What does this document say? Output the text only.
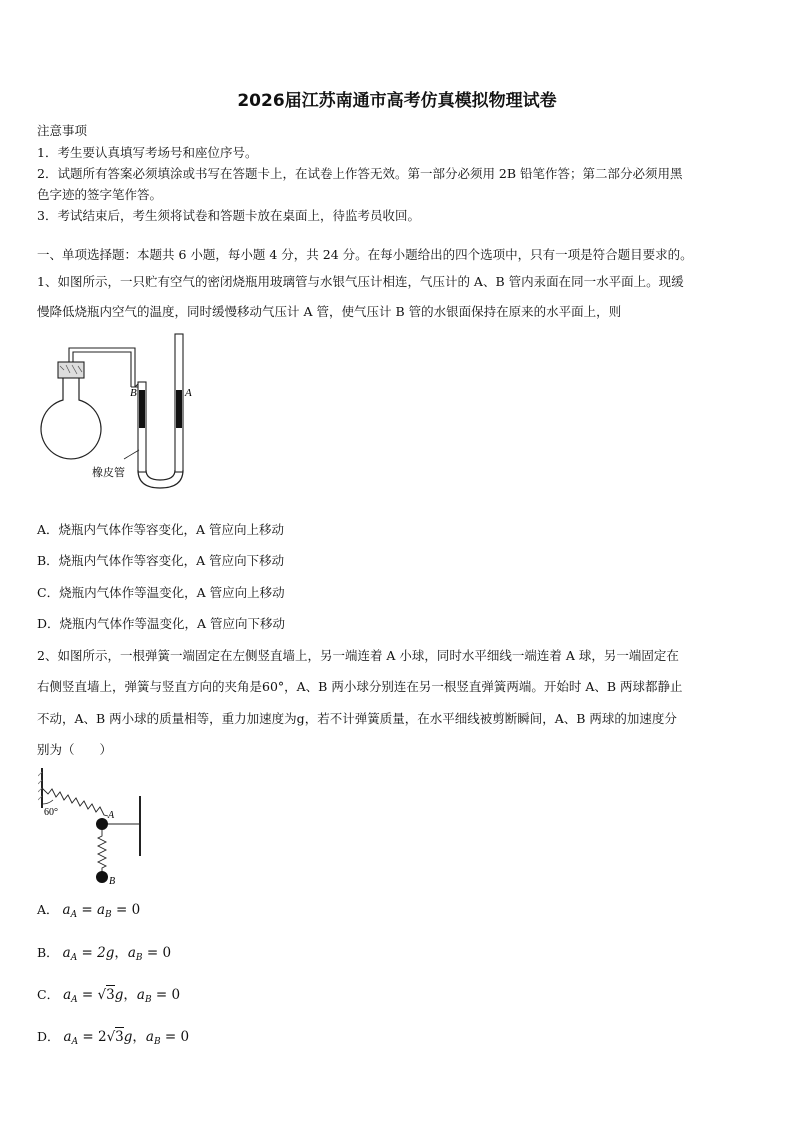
2026届江苏南通市高考仿真模拟物理试卷
注意事项
1．考生要认真填写考场号和座位序号。
2．试题所有答案必须填涂或书写在答题卡上，在试卷上作答无效。第一部分必须用 2B 铅笔作答；第二部分必须用黑
色字迹的签字笔作答。
3．考试结束后，考生须将试卷和答题卡放在桌面上，待监考员收回。
一、单项选择题：本题共 6 小题，每小题 4 分，共 24 分。在每小题给出的四个选项中，只有一项是符合题目要求的。
1、如图所示，一只贮有空气的密闭烧瓶用玻璃管与水银气压计相连，气压计的 A、B 管内汞面在同一水平面上。现缓
慢降低烧瓶内空气的温度，同时缓慢移动气压计 A 管，使气压计 B 管的水银面保持在原来的水平面上，则
B	A
橡皮管
A．烧瓶内气体作等容变化，A 管应向上移动
B．烧瓶内气体作等容变化，A 管应向下移动
C．烧瓶内气体作等温变化，A 管应向上移动
D．烧瓶内气体作等温变化，A 管应向下移动
2、如图所示，一根弹簧一端固定在左侧竖直墙上，另一端连着 A 小球，同时水平细线一端连着 A 球，另一端固定在
右侧竖直墙上，弹簧与竖直方向的夹角是60°，A、B 两小球分别连在另一根竖直弹簧两端。开始时 A、B 两球都静止
不动，A、B 两小球的质量相等，重力加速度为g，若不计弹簧质量，在水平细线被剪断瞬间，A、B 两球的加速度分
别为（　　）
60°	A
B
A． $a_A = a_B = 0$
B． $a_A = 2g$，$a_B = 0$
C． $a_A = √3g$，$a_B = 0$
D． $a_A = 2√3g$，$a_B = 0$
